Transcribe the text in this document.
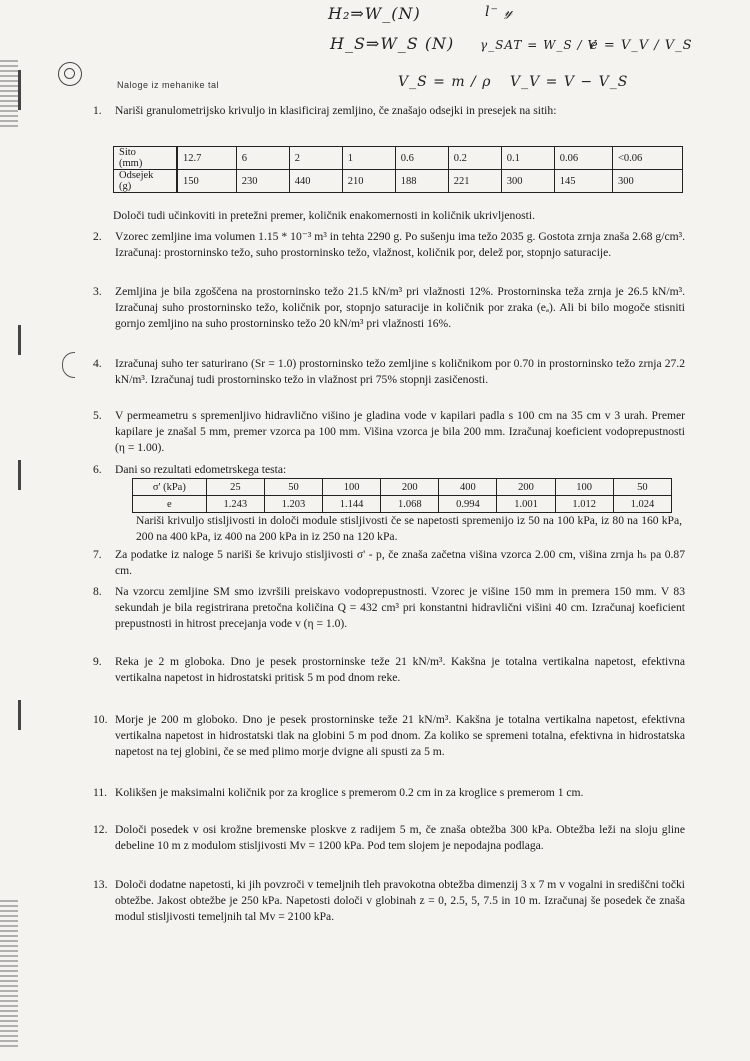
H₂⇒W_(N)
H_S⇒W_S (N)
l⁻ 𝓎
γ_SAT = W_S / V
e = V_V / V_S
V_S = m / ρ V_V = V − V_S
Naloge iz mehanike tal
1. Nariši granulometrijsko krivuljo in klasificiraj zemljino, če znašajo odsejki in presejek na sitih:
Sito
(mm)	12.7	6	2	1	0.6	0.2	0.1	0.06	<0.06

Odsejek
(g)	150	230	440	210	188	221	300	145	300
Določi tudi učinkoviti in pretežni premer, količnik enakomernosti in količnik ukrivljenosti.
2. Vzorec zemljine ima volumen 1.15 * 10⁻³ m³ in tehta 2290 g. Po sušenju ima težo 2035 g. Gostota zrnja znaša 2.68 g/cm³. Izračunaj: prostorninsko težo, suho prostorninsko težo, vlažnost, količnik por, delež por, stopnjo saturacije.
3. Zemljina je bila zgoščena na prostorninsko težo 21.5 kN/m³ pri vlažnosti 12%. Prostorninska teža zrnja je 26.5 kN/m³. Izračunaj suho prostorninsko težo, količnik por, stopnjo saturacije in količnik por zraka (eₐ). Ali bi bilo mogoče stisniti gornjo zemljino na suho prostorninsko težo 20 kN/m³ pri vlažnosti 16%.
4. Izračunaj suho ter saturirano (Sr = 1.0) prostorninsko težo zemljine s količnikom por 0.70 in prostorninsko težo zrnja 27.2 kN/m³. Izračunaj tudi prostorninsko težo in vlažnost pri 75% stopnji zasičenosti.
5. V permeametru s spremenljivo hidravlično višino je gladina vode v kapilari padla s 100 cm na 35 cm v 3 urah. Premer kapilare je znašal 5 mm, premer vzorca pa 100 mm. Višina vzorca je bila 200 mm. Izračunaj koeficient vodoprepustnosti (η = 1.00).
6. Dani so rezultati edometrskega testa:
σ' (kPa)	25	50	100	200	400	200	100	50
e	1.243	1.203	1.144	1.068	0.994	1.001	1.012	1.024
Nariši krivuljo stisljivosti in določi module stisljivosti če se napetosti spremenijo iz 50 na 100 kPa, iz 80 na 160 kPa, 200 na 400 kPa, iz 400 na 200 kPa in iz 250 na 120 kPa.
7. Za podatke iz naloge 5 nariši še krivujo stisljivosti σ' - p, če znaša začetna višina vzorca 2.00 cm, višina zrnja hₛ pa 0.87 cm.
8. Na vzorcu zemljine SM smo izvršili preiskavo vodoprepustnosti. Vzorec je višine 150 mm in premera 150 mm. V 83 sekundah je bila registrirana pretočna količina Q = 432 cm³ pri konstantni hidravlični višini 40 cm. Izračunaj koeficient prepustnosti in hitrost precejanja vode v (η = 1.0).
9. Reka je 2 m globoka. Dno je pesek prostorninske teže 21 kN/m³. Kakšna je totalna vertikalna napetost, efektivna vertikalna napetost in hidrostatski pritisk 5 m pod dnom reke.
10. Morje je 200 m globoko. Dno je pesek prostorninske teže 21 kN/m³. Kakšna je totalna vertikalna napetost, efektivna vertikalna napetost in hidrostatski tlak na globini 5 m pod dnom. Za koliko se spremeni totalna, efektivna in hidrostatska napetost na tej globini, če se med plimo morje dvigne ali spusti za 5 m.
11. Kolikšen je maksimalni količnik por za kroglice s premerom 0.2 cm in za kroglice s premerom 1 cm.
12. Določi posedek v osi krožne bremenske ploskve z radijem 5 m, če znaša obtežba 300 kPa. Obtežba leži na sloju gline debeline 10 m z modulom stisljivosti Mv = 1200 kPa. Pod tem slojem je nepodajna podlaga.
13. Določi dodatne napetosti, ki jih povzroči v temeljnih tleh pravokotna obtežba dimenzij 3 x 7 m v vogalni in središčni točki obtežbe. Jakost obtežbe je 250 kPa. Napetosti določi v globinah z = 0, 2.5, 5, 7.5 in 10 m. Izračunaj še posedek če znaša modul stisljivosti temeljnih tal Mv = 2100 kPa.
